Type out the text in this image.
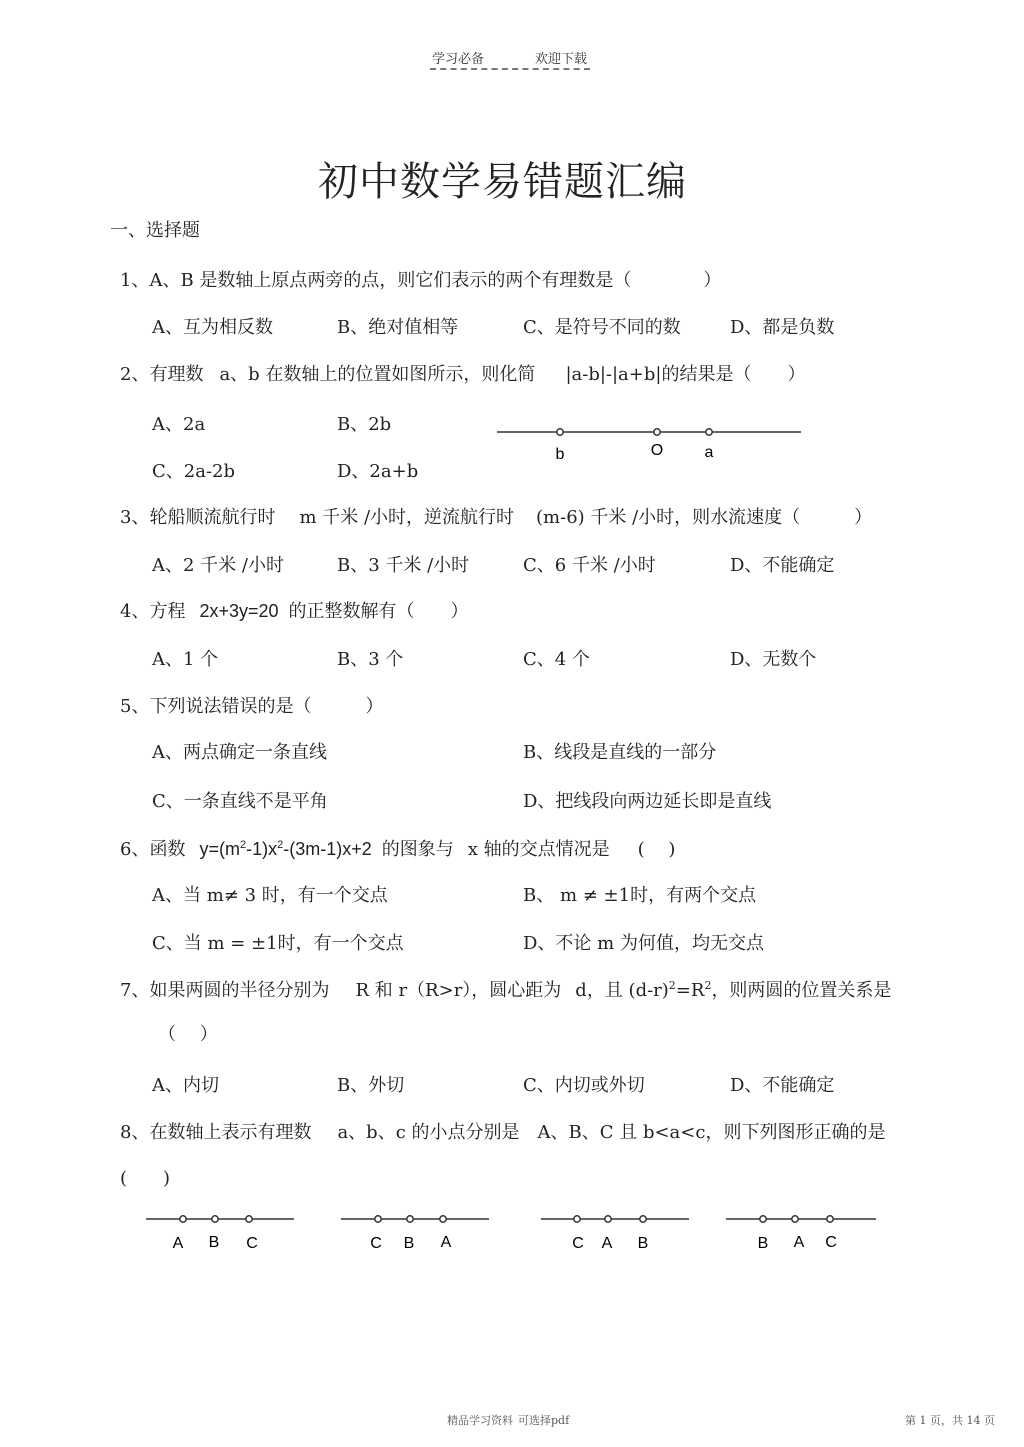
学习必备	欢迎下载
初中数学易错题汇编
一、选择题
1、A、B 是数轴上原点两旁的点，则它们表示的两个有理数是（　　　　）
A、互为相反数	B、绝对值相等	C、是符号不同的数	D、都是负数
2、有理数 a、b 在数轴上的位置如图所示，则化简 |a-b|-|a+b|的结果是（　　）
A、2a	B、2b
C、2a-2b	D、2a+b
b	O	a
3、轮船顺流航行时 m 千米 /小时，逆流航行时 (m-6) 千米 /小时，则水流速度（　　　）
A、2 千米 /小时	B、3 千米 /小时	C、6 千米 /小时	D、不能确定
4、方程 2x+3y=20 的正整数解有（　　）
A、1 个	B、3 个	C、4 个	D、无数个
5、下列说法错误的是（　　　）
A、两点确定一条直线	B、线段是直线的一部分
C、一条直线不是平角	D、把线段向两边延长即是直线
6、函数 $y=(m^2-1)x^2-(3m-1)x+2$ 的图象与 x 轴的交点情况是 (　 )
A、当 m≠ 3 时，有一个交点	B、 m ≠ ±1时，有两个交点
C、当 m = ±1时，有一个交点	D、不论 m 为何值，均无交点
7、如果两圆的半径分别为 R 和 r（R>r），圆心距为 d，且 $(d-r)^2=R^2$，则两圆的位置关系是
（　 ）
A、内切	B、外切	C、内切或外切	D、不能确定
8、在数轴上表示有理数 a、b、c 的小点分别是 A、B、C 且 b<a<c，则下列图形正确的是
(　　)
A B C	C B A	C A B	B A C
精品学习资料 可选择pdf	第 1 页，共 14 页
